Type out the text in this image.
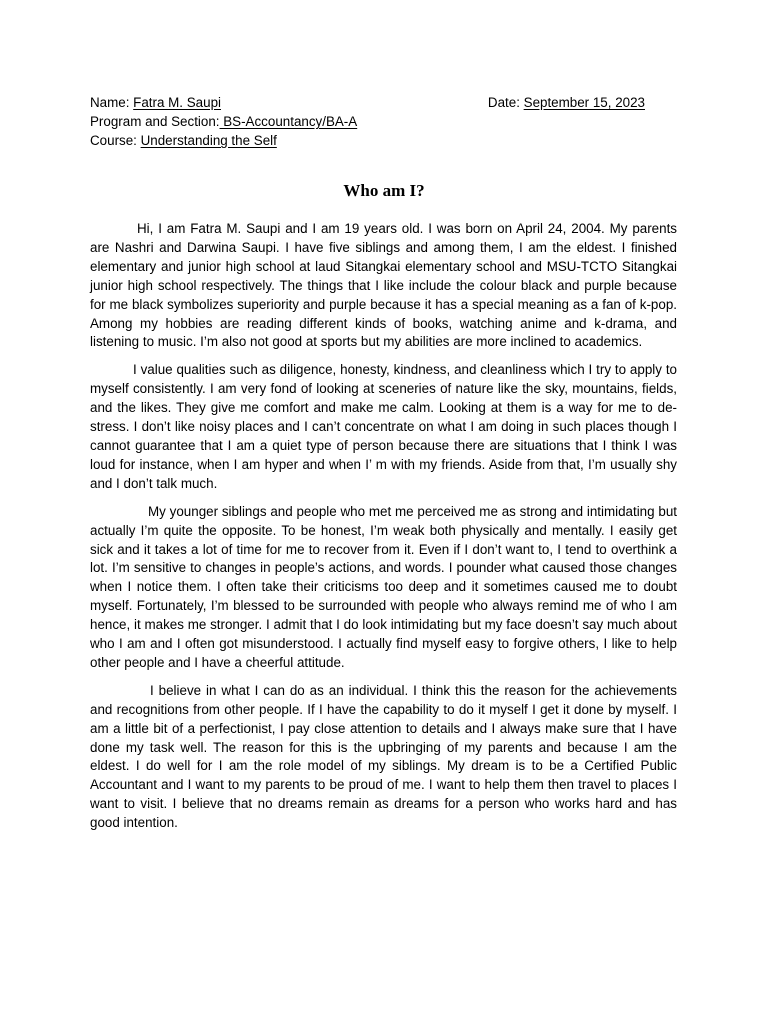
Name: Fatra M. Saupi	Date: September 15, 2023
Program and Section: BS-Accountancy/BA-A
Course: Understanding the Self
Who am I?

Hi, I am Fatra M. Saupi and I am 19 years old. I was born on April 24, 2004. My parents are Nashri and Darwina Saupi. I have five siblings and among them, I am the eldest. I finished elementary and junior high school at laud Sitangkai elementary school and MSU-TCTO Sitangkai junior high school respectively. The things that I like include the colour black and purple because for me black symbolizes superiority and purple because it has a special meaning as a fan of k-pop. Among my hobbies are reading different kinds of books, watching anime and k-drama, and listening to music. I’m also not good at sports but my abilities are more inclined to academics.

I value qualities such as diligence, honesty, kindness, and cleanliness which I try to apply to myself consistently. I am very fond of looking at sceneries of nature like the sky, mountains, fields, and the likes. They give me comfort and make me calm. Looking at them is a way for me to de-stress. I don’t like noisy places and I can’t concentrate on what I am doing in such places though I cannot guarantee that I am a quiet type of person because there are situations that I think I was loud for instance, when I am hyper and when I’ m with my friends. Aside from that, I’m usually shy and I don’t talk much.

My younger siblings and people who met me perceived me as strong and intimidating but actually I’m quite the opposite. To be honest, I’m weak both physically and mentally. I easily get sick and it takes a lot of time for me to recover from it. Even if I don’t want to, I tend to overthink a lot. I’m sensitive to changes in people’s actions, and words. I pounder what caused those changes when I notice them. I often take their criticisms too deep and it sometimes caused me to doubt myself. Fortunately, I’m blessed to be surrounded with people who always remind me of who I am hence, it makes me stronger. I admit that I do look intimidating but my face doesn’t say much about who I am and I often got misunderstood. I actually find myself easy to forgive others, I like to help other people and I have a cheerful attitude.

I believe in what I can do as an individual. I think this the reason for the achievements and recognitions from other people. If I have the capability to do it myself I get it done by myself. I am a little bit of a perfectionist, I pay close attention to details and I always make sure that I have done my task well. The reason for this is the upbringing of my parents and because I am the eldest. I do well for I am the role model of my siblings. My dream is to be a Certified Public Accountant and I want to my parents to be proud of me. I want to help them then travel to places I want to visit. I believe that no dreams remain as dreams for a person who works hard and has good intention.
